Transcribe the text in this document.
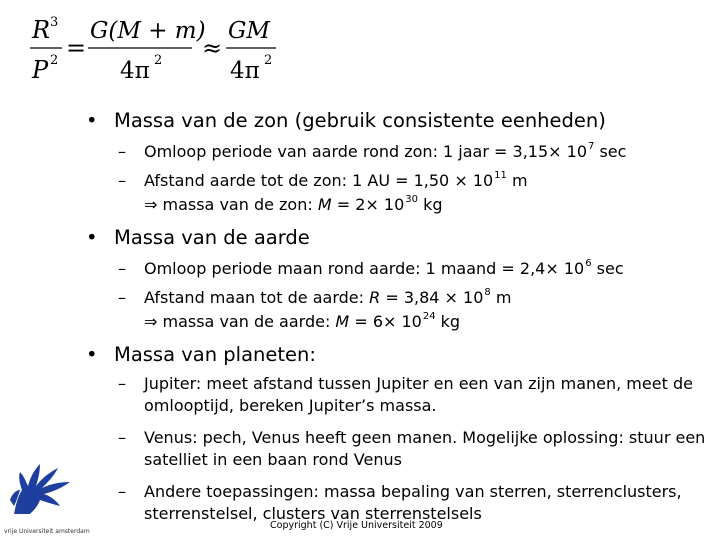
R 3
P 2 =
G(M + m)
4π 2 ≈
GM
4π 2
• Massa van de zon (gebruik consistente eenheden)
– Omloop periode van aarde rond zon: 1 jaar = $3,15\times 10^7$ sec
– Afstand aarde tot de zon: 1 AU = $1,50 \times 10^{11}$ m
⇒ massa van de zon: $M = 2\times 10^{30}$ kg
• Massa van de aarde
– Omloop periode maan rond aarde: 1 maand = $2,4\times 10^6$ sec
– Afstand maan tot de aarde: $R = 3,84 \times 10^8$ m
⇒ massa van de aarde: $M = 6\times 10^{24}$ kg
• Massa van planeten:
– Jupiter: meet afstand tussen Jupiter en een van zijn manen, meet de omlooptijd, bereken Jupiter’s massa.
– Venus: pech, Venus heeft geen manen. Mogelijke oplossing: stuur een satelliet in een baan rond Venus
– Andere toepassingen: massa bepaling van sterren, sterrenclusters, sterrenstelsel, clusters van sterrenstelsels
vrije Universiteit amsterdam
Copyright (C) Vrije Universiteit 2009
